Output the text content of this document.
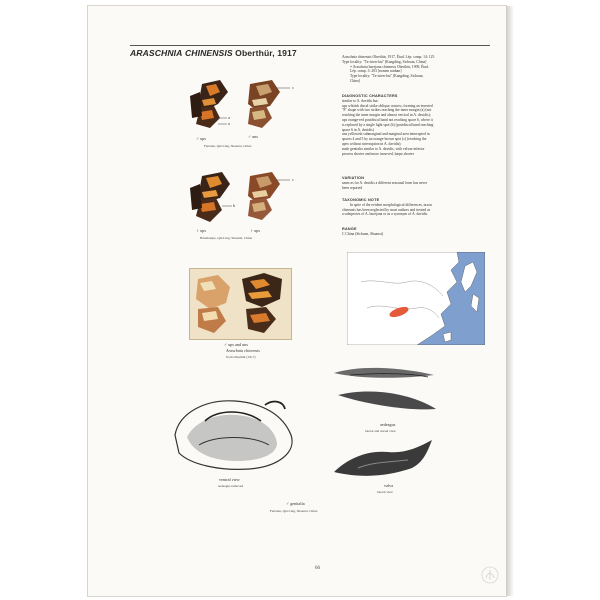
ARASCHNIA CHINENSIS Oberthür, 1917
a
a
c
♂ ups	♂ uns
Fenxian, Qin Ling, Shaanxi, China
b
c
♀ ups	♀ ups
Hanzhoujie, Qin Ling, Shaanxi, China
♂ ups and uns
Araschnia chinensis
from Oberthür (1917)
ventral view
aedeagus removed
aedeagus
lateral and dorsal view
valva
lateral view
♂ genitalia
Fenxian, Qin Ling, Shaanxi, China

Araschnia chinensis Oberthür, 1917, Étud. Lép. comp. 14: 125

Type locality: "Ta-tsien-lou" [Kangding, Sichuan, China]

= Araschnia burejana chinensis Oberthür, 1909, Étud.

Lép. comp. 3: 203 [nomen nudum]

Type locality: "Ta-tsien-lou" [Kangding, Sichuan,

China]

DIAGNOSTIC CHARACTERS

similar to A. davidis but:

ups whitish discal strike oblique, narrow, forming an inverted

"8" shape with two strikes reaching the inner margin (a) (not

reaching the inner margin and almost vertical in A. davidis);

ups orange-red postdiscal band not reaching space 6, where it

is replaced by a single light spot (b) (postdiscal band reaching

space 6 in A. davidis)

uns yellowish submarginal and marginal area interrupted in

spaces 4 and 5 by an orange-brown spot (c) (reaching the

apex without interruption in A. davidis);

male genitalia similar to A. davidis, with valvae inferior

process shorter and more incurved, harpe shorter

VARIATION

same as for A. davidis a different seasonal form has never

been reported

TAXONOMIC NOTE

In spite of the evident morphological differences, taxon

chinensis has been neglected by most authors and treated as

a subspecies of A. burejana or as a synonym of A. davidis.

RANGE

C China (Sichuan, Shaanxi)

66
